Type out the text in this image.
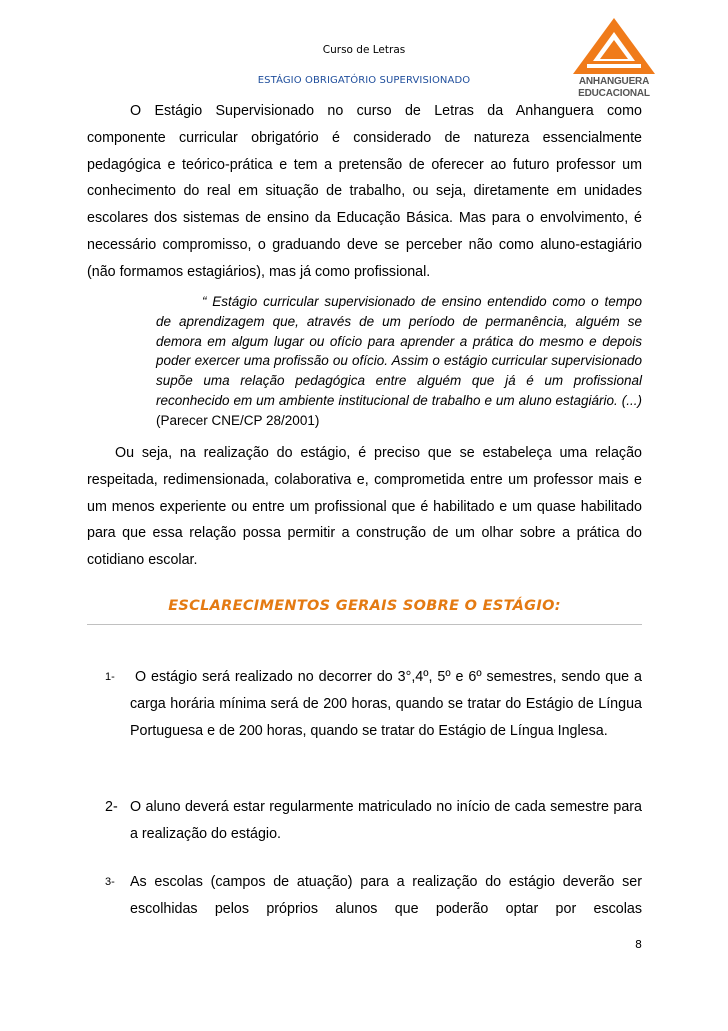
Curso de Letras
ESTÁGIO OBRIGATÓRIO SUPERVISIONADO	ANHANGUERA
EDUCACIONAL
O Estágio Supervisionado no curso de Letras da Anhanguera como
componente curricular obrigatório é considerado de natureza essencialmente pedagógica e teórico-prática e tem a pretensão de oferecer ao futuro professor um conhecimento do real em situação de trabalho, ou seja, diretamente em unidades escolares dos sistemas de ensino da Educação Básica. Mas para o envolvimento, é necessário compromisso, o graduando deve se perceber não como aluno-estagiário (não formamos estagiários), mas já como profissional.
“ Estágio curricular supervisionado de ensino entendido como o tempo de aprendizagem que, através de um período de permanência, alguém se demora em algum lugar ou ofício para aprender a prática do mesmo e depois poder exercer uma profissão ou ofício. Assim o estágio curricular supervisionado supõe uma relação pedagógica entre alguém que já é um profissional reconhecido em um ambiente institucional de trabalho e um aluno estagiário. (...)(Parecer CNE/CP 28/2001)
Ou seja, na realização do estágio, é preciso que se estabeleça uma relação respeitada, redimensionada, colaborativa e, comprometida entre um professor mais e um menos experiente ou entre um profissional que é habilitado e um quase habilitado para que essa relação possa permitir a construção de um olhar sobre a prática do cotidiano escolar.
ESCLARECIMENTOS GERAIS SOBRE O ESTÁGIO:
1-	O estágio será realizado no decorrer do 3°,4º, 5º e 6º semestres, sendo que a carga horária mínima será de 200 horas, quando se tratar do Estágio de Língua Portuguesa e de 200 horas, quando se tratar do Estágio de Língua Inglesa.
2- O aluno deverá estar regularmente matriculado no início de cada semestre para a realização do estágio.
3- As escolas (campos de atuação) para a realização do estágio deverão ser escolhidas pelos próprios alunos que poderão optar por escolas
8
